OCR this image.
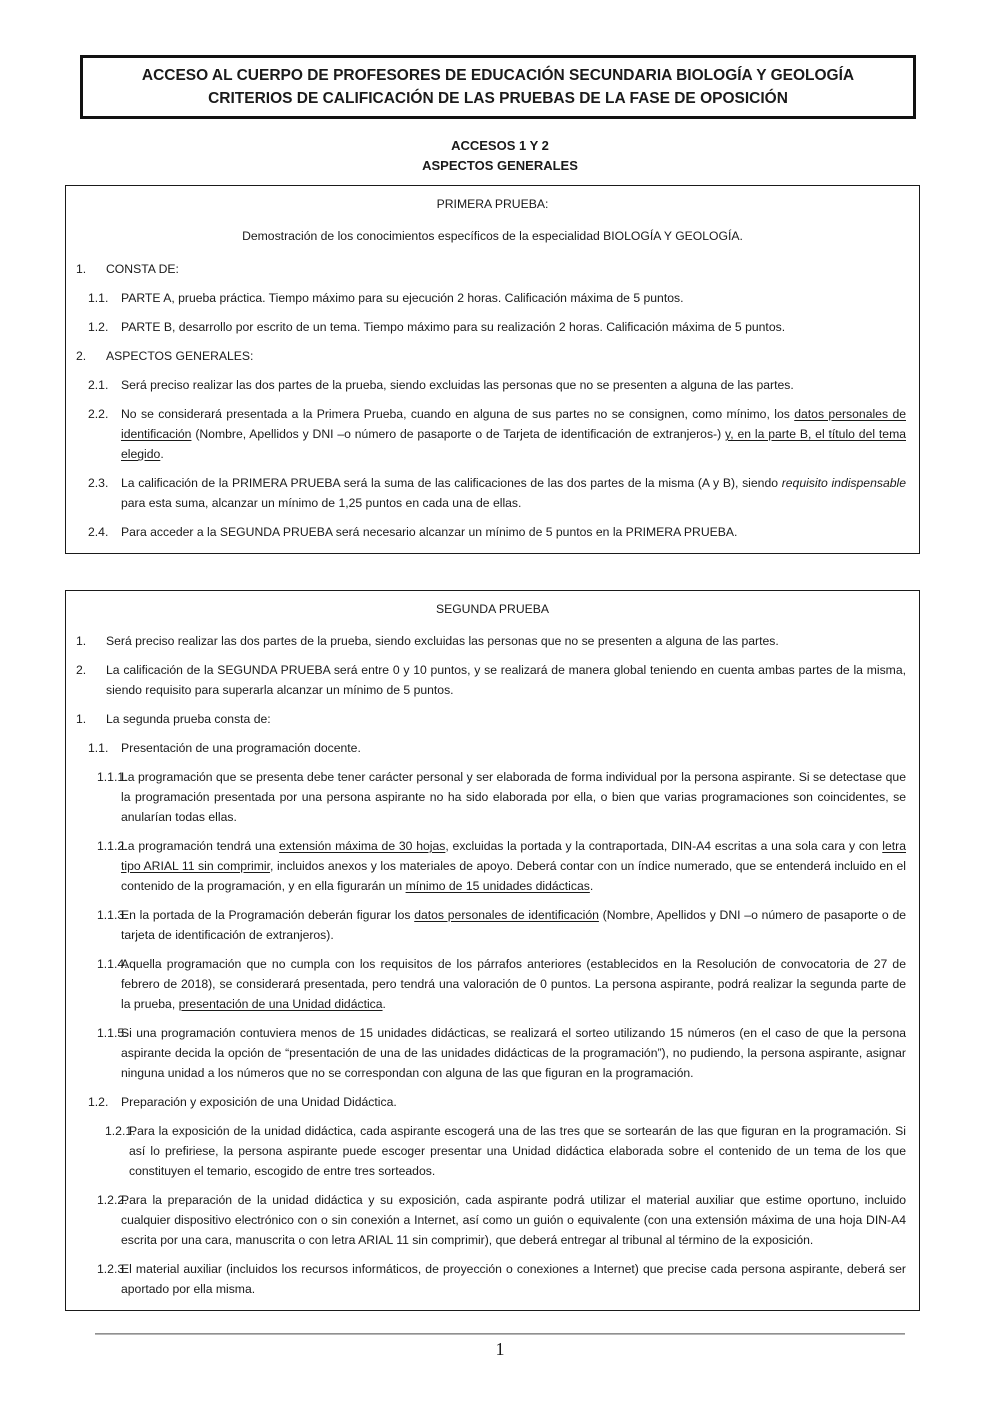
ACCESO AL CUERPO DE PROFESORES DE EDUCACIÓN SECUNDARIA BIOLOGÍA Y GEOLOGÍA
CRITERIOS DE CALIFICACIÓN DE LAS PRUEBAS DE LA FASE DE OPOSICIÓN
ACCESOS 1 Y 2
ASPECTOS GENERALES
PRIMERA PRUEBA:
Demostración de los conocimientos específicos de la especialidad BIOLOGÍA Y GEOLOGÍA.
1. CONSTA DE:
1.1. PARTE A, prueba práctica. Tiempo máximo para su ejecución 2 horas. Calificación máxima de 5 puntos.
1.2. PARTE B, desarrollo por escrito de un tema. Tiempo máximo para su realización 2 horas. Calificación máxima de 5 puntos.
2. ASPECTOS GENERALES:
2.1. Será preciso realizar las dos partes de la prueba, siendo excluidas las personas que no se presenten a alguna de las partes.
2.2. No se considerará presentada a la Primera Prueba, cuando en alguna de sus partes no se consignen, como mínimo, los datos personales de identificación (Nombre, Apellidos y DNI –o número de pasaporte o de Tarjeta de identificación de extranjeros-) y, en la parte B, el título del tema elegido.
2.3. La calificación de la PRIMERA PRUEBA será la suma de las calificaciones de las dos partes de la misma (A y B), siendo requisito indispensable para esta suma, alcanzar un mínimo de 1,25 puntos en cada una de ellas.
2.4. Para acceder a la SEGUNDA PRUEBA será necesario alcanzar un mínimo de 5 puntos en la PRIMERA PRUEBA.
SEGUNDA PRUEBA
1. Será preciso realizar las dos partes de la prueba, siendo excluidas las personas que no se presenten a alguna de las partes.
2. La calificación de la SEGUNDA PRUEBA será entre 0 y 10 puntos, y se realizará de manera global teniendo en cuenta ambas partes de la misma, siendo requisito para superarla alcanzar un mínimo de 5 puntos.
1. La segunda prueba consta de:
1.1. Presentación de una programación docente.
1.1.1.
La programación que se presenta debe tener carácter personal y ser elaborada de forma individual por la persona aspirante. Si se detectase que la programación presentada por una persona aspirante no ha sido elaborada por ella, o bien que varias programaciones son coincidentes, se anularían todas ellas.
1.1.2.
La programación tendrá una extensión máxima de 30 hojas, excluidas la portada y la contraportada, DIN-A4 escritas a una sola cara y con letra tipo ARIAL 11 sin comprimir, incluidos anexos y los materiales de apoyo. Deberá contar con un índice numerado, que se entenderá incluido en el contenido de la programación, y en ella figurarán un mínimo de 15 unidades didácticas.
1.1.3.
En la portada de la Programación deberán figurar los datos personales de identificación (Nombre, Apellidos y DNI –o número de pasaporte o de tarjeta de identificación de extranjeros).
1.1.4.
Aquella programación que no cumpla con los requisitos de los párrafos anteriores (establecidos en la Resolución de convocatoria de 27 de febrero de 2018), se considerará presentada, pero tendrá una valoración de 0 puntos. La persona aspirante, podrá realizar la segunda parte de la prueba, presentación de una Unidad didáctica.
1.1.5.
Si una programación contuviera menos de 15 unidades didácticas, se realizará el sorteo utilizando 15 números (en el caso de que la persona aspirante decida la opción de “presentación de una de las unidades didácticas de la programación”), no pudiendo, la persona aspirante, asignar ninguna unidad a los números que no se correspondan con alguna de las que figuran en la programación.
1.2. Preparación y exposición de una Unidad Didáctica.
1.2.1.
Para la exposición de la unidad didáctica, cada aspirante escogerá una de las tres que se sortearán de las que figuran en la programación. Si así lo prefiriese, la persona aspirante puede escoger presentar una Unidad didáctica elaborada sobre el contenido de un tema de los que constituyen el temario, escogido de entre tres sorteados.
1.2.2.
Para la preparación de la unidad didáctica y su exposición, cada aspirante podrá utilizar el material auxiliar que estime oportuno, incluido cualquier dispositivo electrónico con o sin conexión a Internet, así como un guión o equivalente (con una extensión máxima de una hoja DIN-A4 escrita por una cara, manuscrita o con letra ARIAL 11 sin comprimir), que deberá entregar al tribunal al término de la exposición.
1.2.3.
El material auxiliar (incluidos los recursos informáticos, de proyección o conexiones a Internet) que precise cada persona aspirante, deberá ser aportado por ella misma.
1
